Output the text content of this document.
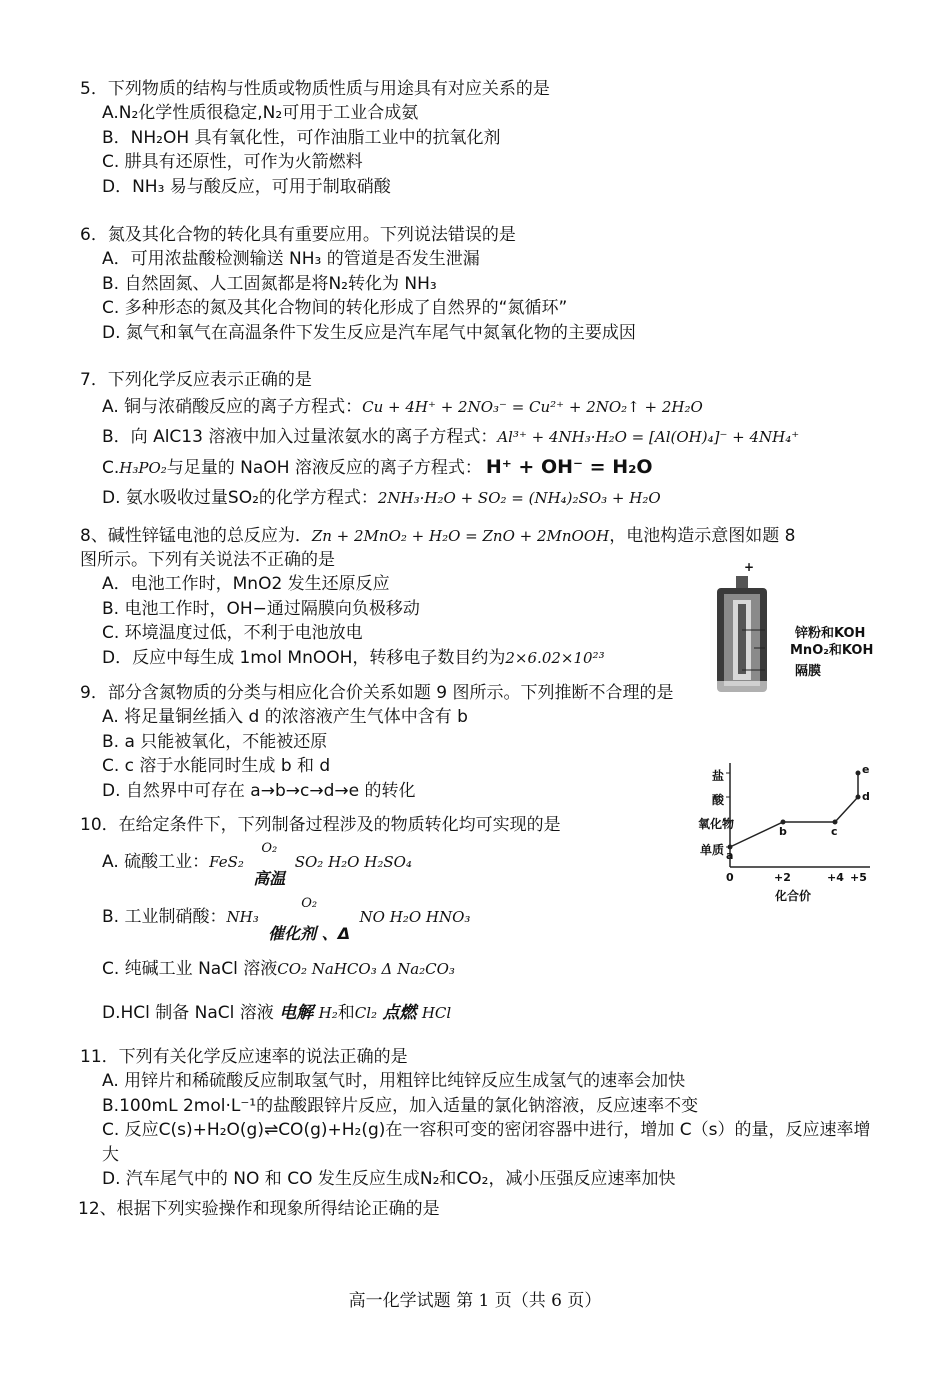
5．下列物质的结构与性质或物质性质与用途具有对应关系的是
A.N₂化学性质很稳定,N₂可用于工业合成氨
B．NH₂OH 具有氧化性，可作油脂工业中的抗氧化剂
C. 肼具有还原性，可作为火箭燃料
D．NH₃ 易与酸反应，可用于制取硝酸
6．氮及其化合物的转化具有重要应用。下列说法错误的是
A．可用浓盐酸检测输送 NH₃ 的管道是否发生泄漏
B. 自然固氮、人工固氮都是将N₂转化为 NH₃
C. 多种形态的氮及其化合物间的转化形成了自然界的“氮循环”
D. 氮气和氧气在高温条件下发生反应是汽车尾气中氮氧化物的主要成因
7．下列化学反应表示正确的是
A. 铜与浓硝酸反应的离子方程式：Cu + 4H⁺ + 2NO₃⁻ = Cu²⁺ + 2NO₂↑ + 2H₂O
B．向 AlC13 溶液中加入过量浓氨水的离子方程式：Al³⁺ + 4NH₃·H₂O = [Al(OH)₄]⁻ + 4NH₄⁺
C.H₃PO₂与足量的 NaOH 溶液反应的离子方程式： H⁺ + OH⁻ = H₂O
D. 氨水吸收过量SO₂的化学方程式：2NH₃·H₂O + SO₂ = (NH₄)₂SO₃ + H₂O
8、碱性锌锰电池的总反应为．Zn + 2MnO₂ + H₂O = ZnO + 2MnOOH，电池构造示意图如题 8
图所示。下列有关说法不正确的是
A．电池工作时，MnO2 发生还原反应
B. 电池工作时，OH−通过隔膜向负极移动
C. 环境温度过低，不利于电池放电
D．反应中每生成 1mol MnOOH，转移电子数目约为2×6.02×10²³
+
锌粉和KOH
MnO₂和KOH
隔膜
9．部分含氮物质的分类与相应化合价关系如题 9 图所示。下列推断不合理的是
A. 将足量铜丝插入 d 的浓溶液产生气体中含有 b
B. a 只能被氧化，不能被还原
C. c 溶于水能同时生成 b 和 d
D. 自然界中可存在 a→b→c→d→e 的转化
盐
酸
氧化物
单质 a
b	c
d
e
0	+2	+4 +5
化合价
10．在给定条件下，下列制备过程涉及的物质转化均可实现的是
A. 硫酸工业：FeS₂
O₂
高温
SO₂ H₂O H₂SO₄
B. 工业制硝酸：NH₃
O₂
催化剂 、Δ
NO H₂O HNO₃
C. 纯碱工业 NaCl 溶液CO₂ NaHCO₃ Δ Na₂CO₃
D.HCl 制备 NaCl 溶液 电解 H₂和Cl₂ 点燃 HCl
11．下列有关化学反应速率的说法正确的是
A. 用锌片和稀硫酸反应制取氢气时，用粗锌比纯锌反应生成氢气的速率会加快
B.100mL 2mol·L⁻¹的盐酸跟锌片反应，加入适量的氯化钠溶液，反应速率不变
C. 反应C(s)+H₂O(g)⇌CO(g)+H₂(g)在一容积可变的密闭容器中进行，增加 C（s）的量，反应速率增大
D. 汽车尾气中的 NO 和 CO 发生反应生成N₂和CO₂，减小压强反应速率加快
12、根据下列实验操作和现象所得结论正确的是
高一化学试题 第 1 页（共 6 页）
